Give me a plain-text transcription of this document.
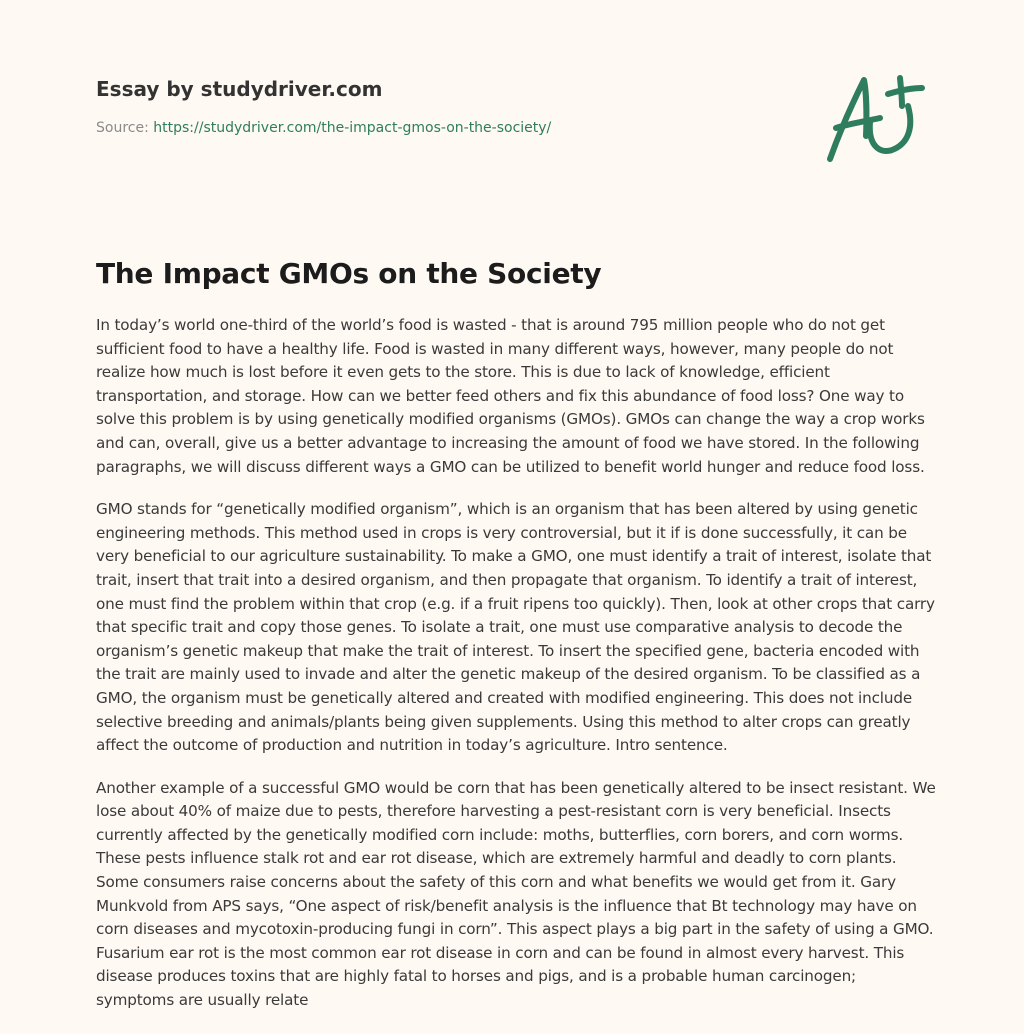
Essay by studydriver.com
Source: https://studydriver.com/the-impact-gmos-on-the-society/
The Impact GMOs on the Society

In today’s world one-third of the world’s food is wasted - that is around 795 million people who do not get sufficient food to have a healthy life. Food is wasted in many different ways, however, many people do not realize how much is lost before it even gets to the store. This is due to lack of knowledge, efficient transportation, and storage. How can we better feed others and fix this abundance of food loss? One way to solve this problem is by using genetically modified organisms (GMOs). GMOs can change the way a crop works and can, overall, give us a better advantage to increasing the amount of food we have stored. In the following paragraphs, we will discuss different ways a GMO can be utilized to benefit world hunger and reduce food loss.

GMO stands for “genetically modified organism”, which is an organism that has been altered by using genetic engineering methods. This method used in crops is very controversial, but it if is done successfully, it can be very beneficial to our agriculture sustainability. To make a GMO, one must identify a trait of interest, isolate that trait, insert that trait into a desired organism, and then propagate that organism. To identify a trait of interest, one must find the problem within that crop (e.g. if a fruit ripens too quickly). Then, look at other crops that carry that specific trait and copy those genes. To isolate a trait, one must use comparative analysis to decode the organism’s genetic makeup that make the trait of interest. To insert the specified gene, bacteria encoded with the trait are mainly used to invade and alter the genetic makeup of the desired organism. To be classified as a GMO, the organism must be genetically altered and created with modified engineering. This does not include selective breeding and animals/plants being given supplements. Using this method to alter crops can greatly affect the outcome of production and nutrition in today’s agriculture. Intro sentence.

Another example of a successful GMO would be corn that has been genetically altered to be insect resistant. We lose about 40% of maize due to pests, therefore harvesting a pest-resistant corn is very beneficial. Insects currently affected by the genetically modified corn include: moths, butterflies, corn borers, and corn worms. These pests influence stalk rot and ear rot disease, which are extremely harmful and deadly to corn plants. Some consumers raise concerns about the safety of this corn and what benefits we would get from it. Gary Munkvold from APS says, “One aspect of risk/benefit analysis is the influence that Bt technology may have on corn diseases and mycotoxin-producing fungi in corn”. This aspect plays a big part in the safety of using a GMO. Fusarium ear rot is the most common ear rot disease in corn and can be found in almost every harvest. This disease produces toxins that are highly fatal to horses and pigs, and is a probable human carcinogen; symptoms are usually relate
